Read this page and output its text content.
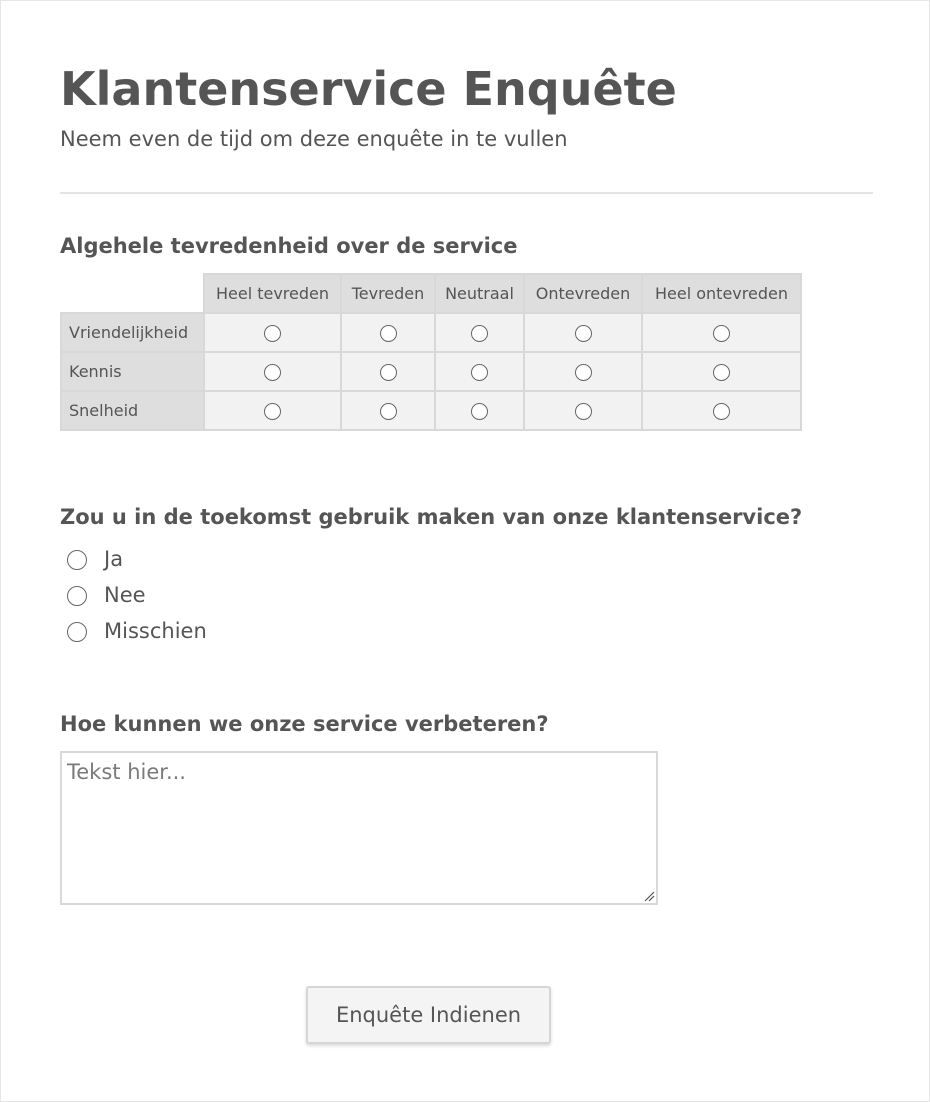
Klantenservice Enquête

Neem even de tijd om deze enquête in te vullen

Algehele tevredenheid over de service
	Heel tevreden	Tevreden	Neutraal	Ontevreden	Heel ontevreden
Vriendelijkheid					
Kennis					
Snelheid					
Zou u in de toekomst gebruik maken van onze klantenservice?
Ja
Nee
Misschien
Hoe kunnen we onze service verbeteren?
Tekst hier...
Enquête Indienen
